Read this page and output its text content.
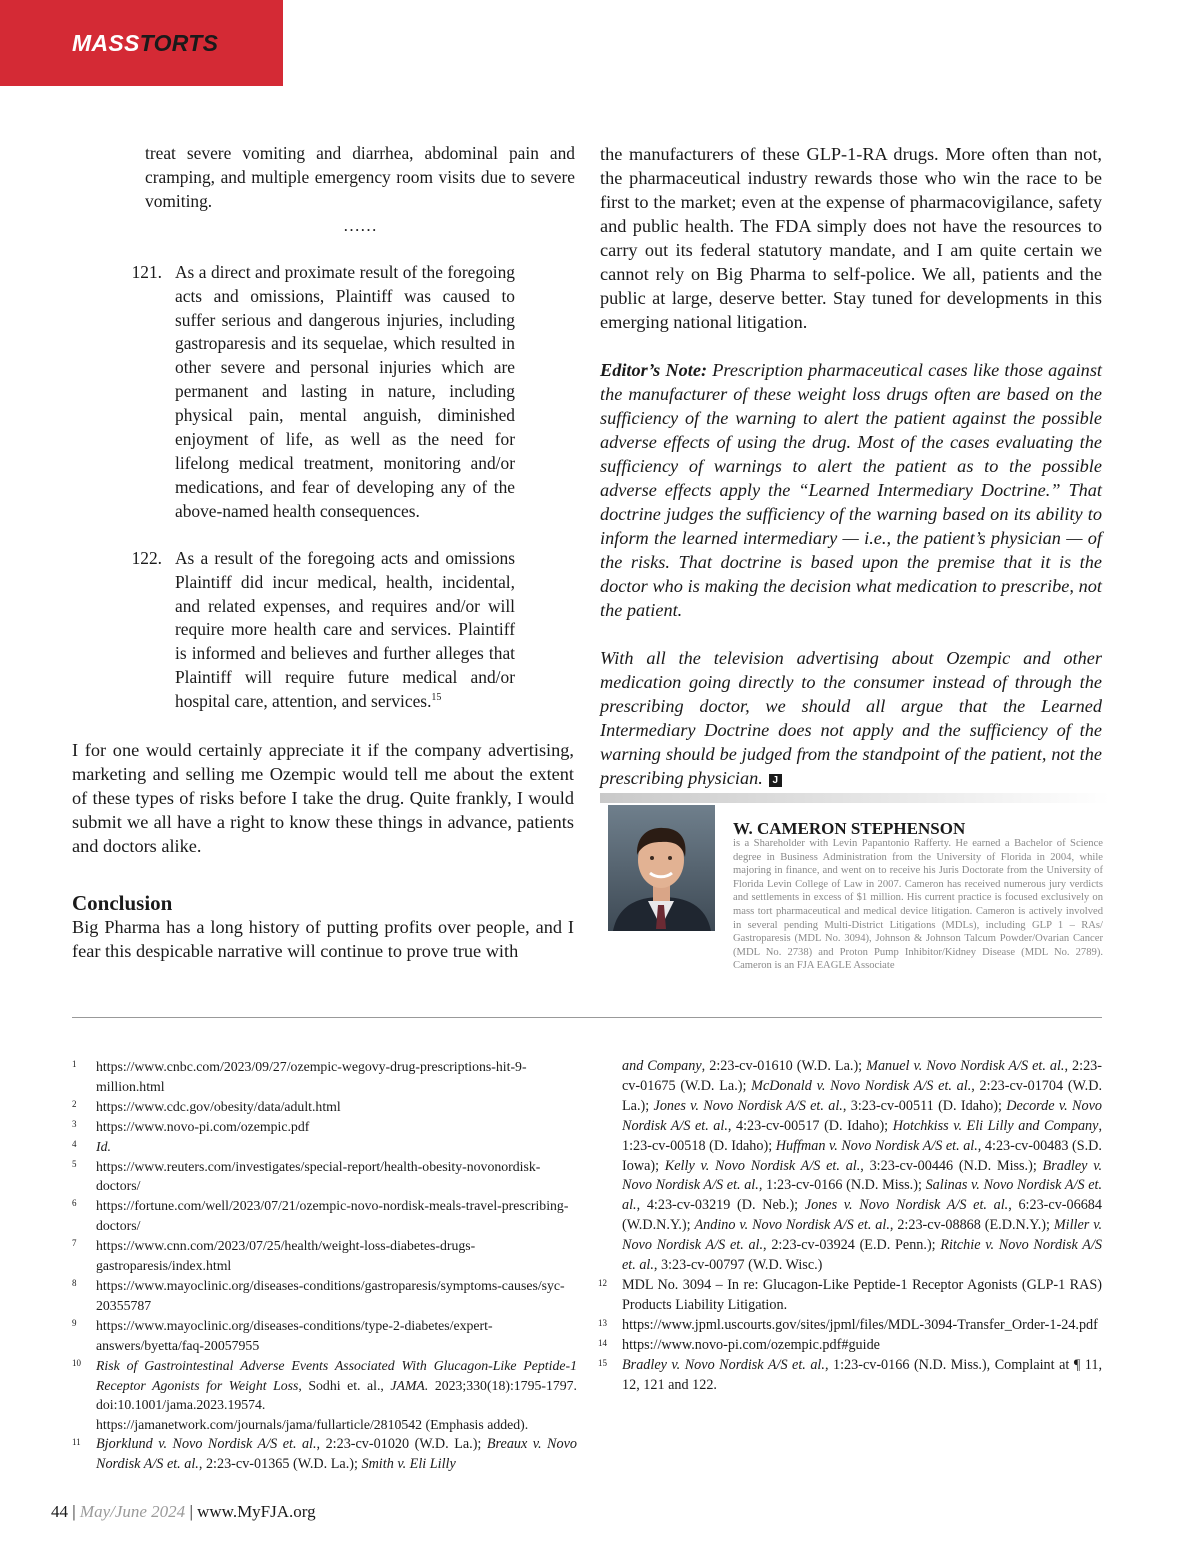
MASSTORTS

treat severe vomiting and diarrhea, abdominal pain and cramping, and multiple emergency room visits due to severe vomiting.

……
121. As a direct and proximate result of the foregoing acts and omissions, Plaintiff was caused to suffer serious and dangerous injuries, including gastroparesis and its sequelae, which resulted in other severe and personal injuries which are permanent and lasting in nature, including physical pain, mental anguish, diminished enjoyment of life, as well as the need for lifelong medical treatment, monitoring and/or medications, and fear of developing any of the above-named health consequences.
122. As a result of the foregoing acts and omissions Plaintiff did incur medical, health, incidental, and related expenses, and requires and/or will require more health care and services. Plaintiff is informed and believes and further alleges that Plaintiff will require future medical and/or hospital care, attention, and services.$^{15}$

I for one would certainly appreciate it if the company advertising, marketing and selling me Ozempic would tell me about the extent of these types of risks before I take the drug. Quite frankly, I would submit we all have a right to know these things in advance, patients and doctors alike.

Conclusion

Big Pharma has a long history of putting profits over people, and I fear this despicable narrative will continue to prove true with

the manufacturers of these GLP-1-RA drugs. More often than not, the pharmaceutical industry rewards those who win the race to be first to the market; even at the expense of pharmacovigilance, safety and public health. The FDA simply does not have the resources to carry out its federal statutory mandate, and I am quite certain we cannot rely on Big Pharma to self-police. We all, patients and the public at large, deserve better. Stay tuned for developments in this emerging national litigation.

Editor’s Note: Prescription pharmaceutical cases like those against the manufacturer of these weight loss drugs often are based on the sufficiency of the warning to alert the patient against the possible adverse effects of using the drug. Most of the cases evaluating the sufficiency of warnings to alert the patient as to the possible adverse effects apply the “Learned Intermediary Doctrine.” That doctrine judges the sufficiency of the warning based on its ability to inform the learned intermediary — i.e., the patient’s physician — of the risks. That doctrine is based upon the premise that it is the doctor who is making the decision what medication to prescribe, not the patient.

With all the television advertising about Ozempic and other medication going directly to the consumer instead of through the prescribing doctor, we should all argue that the Learned Intermediary Doctrine does not apply and the sufficiency of the warning should be judged from the standpoint of the patient, not the prescribing physician. J

W. CAMERON STEPHENSON
is a Shareholder with Levin Papantonio Rafferty. He earned a Bachelor of Science degree in Business Administration from the University of Florida in 2004, while majoring in finance, and went on to receive his Juris Doctorate from the University of Florida Levin College of Law in 2007. Cameron has received numerous jury verdicts and settlements in excess of $1 million. His current practice is focused exclusively on mass tort pharmaceutical and medical device litigation. Cameron is actively involved in several pending Multi-District Litigations (MDLs), including GLP 1 – RAs/ Gastroparesis (MDL No. 3094), Johnson & Johnson Talcum Powder/Ovarian Cancer (MDL No. 2738) and Proton Pump Inhibitor/Kidney Disease (MDL No. 2789). Cameron is an FJA EAGLE Associate
1	https://www.cnbc.com/2023/09/27/ozempic-wegovy-drug-prescriptions-hit-9-million.html
2	https://www.cdc.gov/obesity/data/adult.html
3	https://www.novo-pi.com/ozempic.pdf
4	Id.
5	https://www.reuters.com/investigates/special-report/health-obesity-novonordisk-doctors/
6	https://fortune.com/well/2023/07/21/ozempic-novo-nordisk-meals-travel-prescribing-doctors/
7	https://www.cnn.com/2023/07/25/health/weight-loss-diabetes-drugs-gastroparesis/index.html
8	https://www.mayoclinic.org/diseases-conditions/gastroparesis/symptoms-causes/syc-20355787
9	https://www.mayoclinic.org/diseases-conditions/type-2-diabetes/expert-answers/byetta/faq-20057955
10	Risk of Gastrointestinal Adverse Events Associated With Glucagon-Like Peptide-1 Receptor Agonists for Weight Loss, Sodhi et. al., JAMA. 2023;330(18):1795-1797. doi:10.1001/jama.2023.19574. https://jamanetwork.com/journals/jama/fullarticle/2810542 (Emphasis added).
11	Bjorklund v. Novo Nordisk A/S et. al., 2:23-cv-01020 (W.D. La.); Breaux v. Novo Nordisk A/S et. al., 2:23-cv-01365 (W.D. La.); Smith v. Eli Lilly
and Company, 2:23-cv-01610 (W.D. La.); Manuel v. Novo Nordisk A/S et. al., 2:23-cv-01675 (W.D. La.); McDonald v. Novo Nordisk A/S et. al., 2:23-cv-01704 (W.D. La.); Jones v. Novo Nordisk A/S et. al., 3:23-cv-00511 (D. Idaho); Decorde v. Novo Nordisk A/S et. al., 4:23-cv-00517 (D. Idaho); Hotchkiss v. Eli Lilly and Company, 1:23-cv-00518 (D. Idaho); Huffman v. Novo Nordisk A/S et. al., 4:23-cv-00483 (S.D. Iowa); Kelly v. Novo Nordisk A/S et. al., 3:23-cv-00446 (N.D. Miss.); Bradley v. Novo Nordisk A/S et. al., 1:23-cv-0166 (N.D. Miss.); Salinas v. Novo Nordisk A/S et. al., 4:23-cv-03219 (D. Neb.); Jones v. Novo Nordisk A/S et. al., 6:23-cv-06684 (W.D.N.Y.); Andino v. Novo Nordisk A/S et. al., 2:23-cv-08868 (E.D.N.Y.); Miller v. Novo Nordisk A/S et. al., 2:23-cv-03924 (E.D. Penn.); Ritchie v. Novo Nordisk A/S et. al., 3:23-cv-00797 (W.D. Wisc.)
12	MDL No. 3094 – In re: Glucagon-Like Peptide-1 Receptor Agonists (GLP-1 RAS) Products Liability Litigation.
13	https://www.jpml.uscourts.gov/sites/jpml/files/MDL-3094-Transfer_Order-1-24.pdf
14	https://www.novo-pi.com/ozempic.pdf#guide
15	Bradley v. Novo Nordisk A/S et. al., 1:23-cv-0166 (N.D. Miss.), Complaint at ¶ 11, 12, 121 and 122.
44 | May/June 2024 | www.MyFJA.org
